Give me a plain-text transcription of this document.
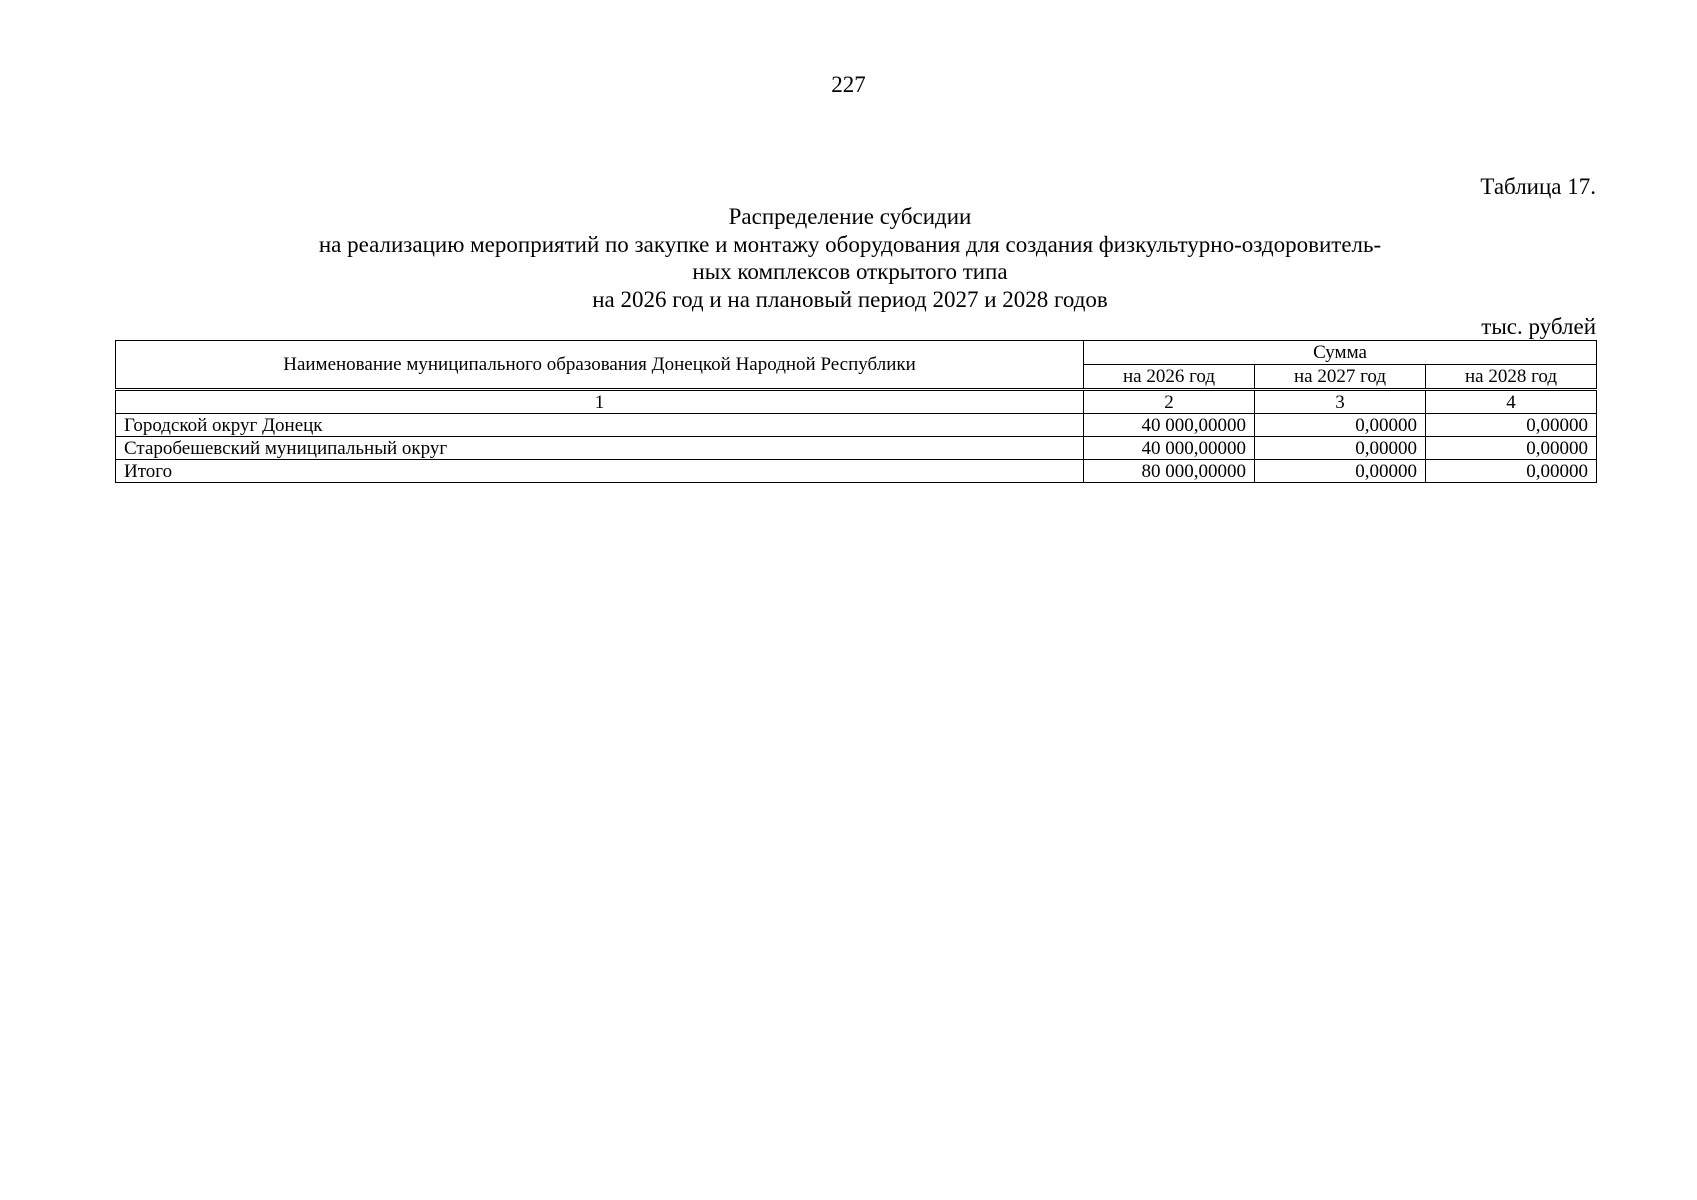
227
Таблица 17.
Распределение субсидии
на реализацию мероприятий по закупке и монтажу оборудования для создания физкультурно-оздоровитель-
ных комплексов открытого типа
на 2026 год и на плановый период 2027 и 2028 годов
тыс. рублей
Наименование муниципального образования Донецкой Народной Республики	Сумма		
	на 2026 год	на 2027 год	на 2028 год
1	2	3	4
Городской округ Донецк	40 000,00000	0,00000	0,00000
Старобешевский муниципальный округ	40 000,00000	0,00000	0,00000
Итого	80 000,00000	0,00000	0,00000
